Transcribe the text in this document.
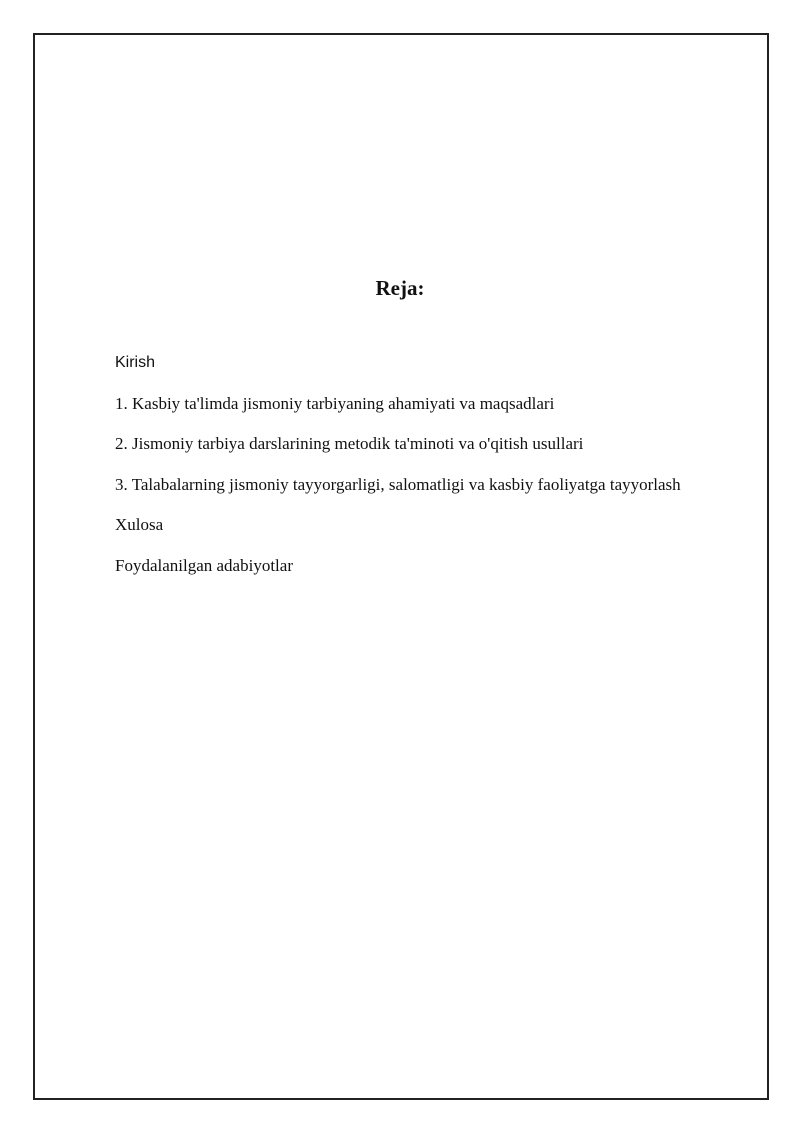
Reja:
Kirish
1. Kasbiy ta'limda jismoniy tarbiyaning ahamiyati va maqsadlari
2. Jismoniy tarbiya darslarining metodik ta'minoti va o'qitish usullari
3. Talabalarning jismoniy tayyorgarligi, salomatligi va kasbiy faoliyatga tayyorlash
Xulosa
Foydalanilgan adabiyotlar
